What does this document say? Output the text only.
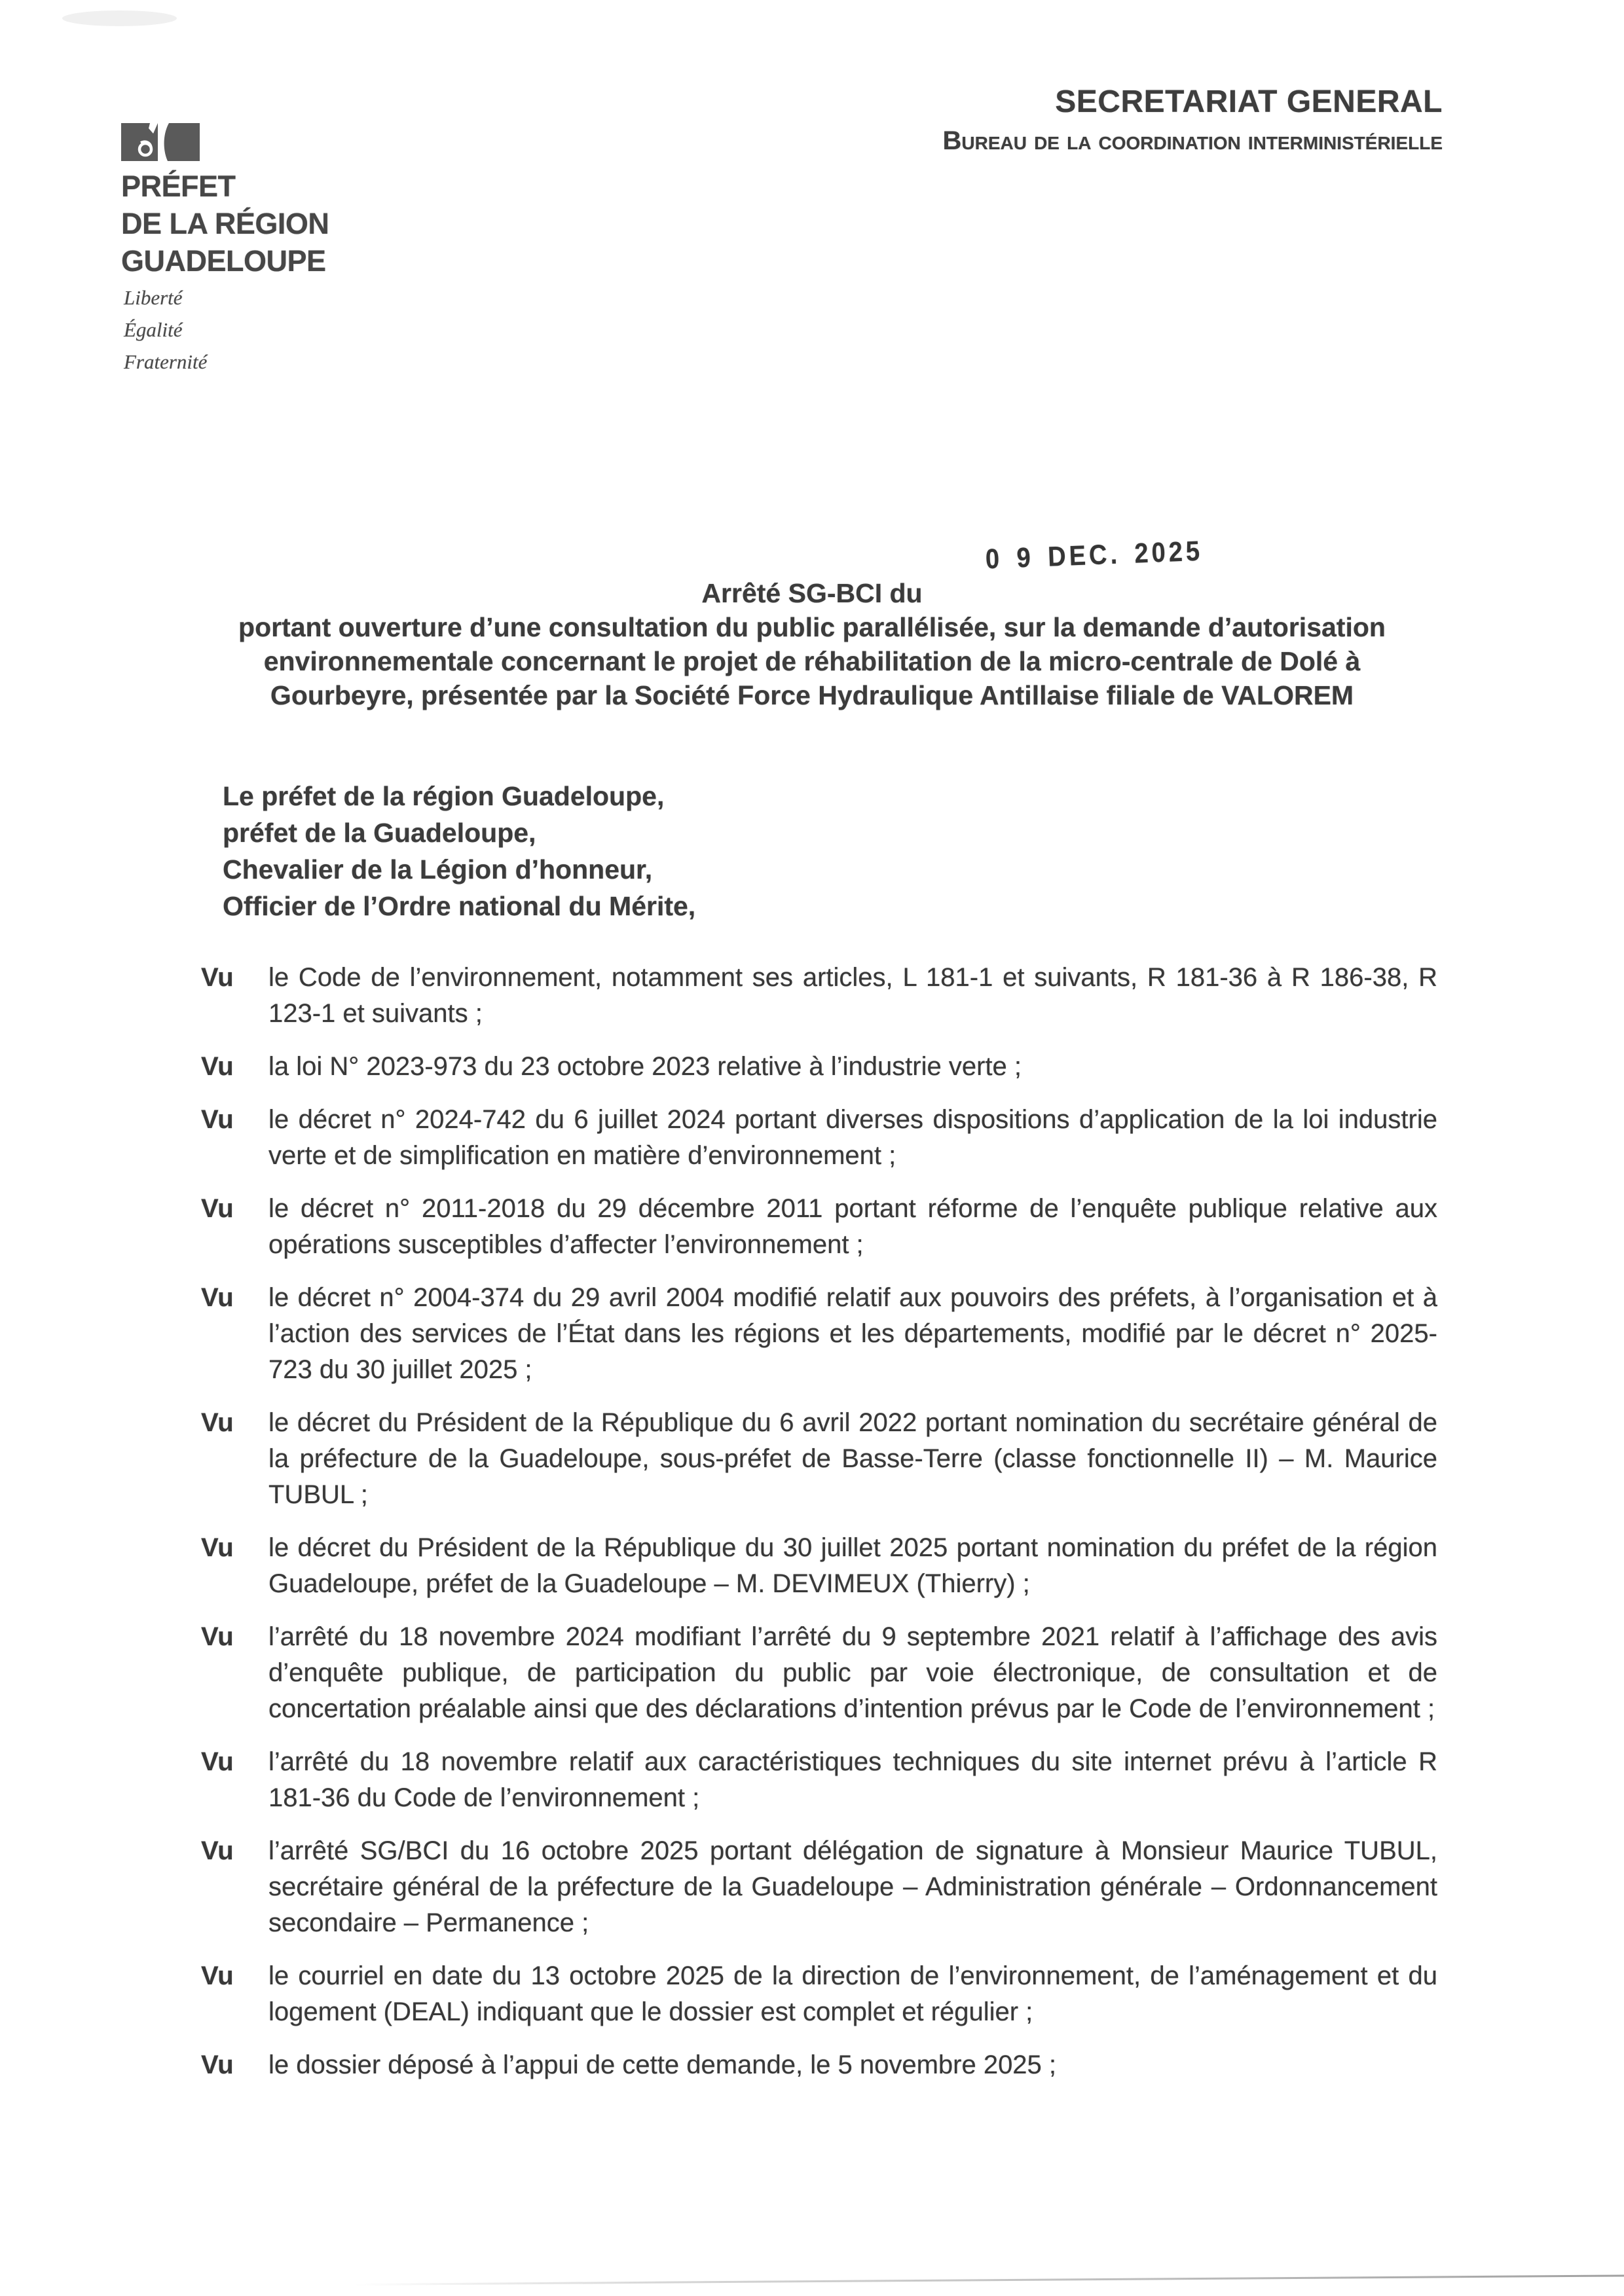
PRÉFET
DE LA RÉGION
GUADELOUPE
Liberté
Égalité
Fraternité
SECRETARIAT GENERAL
Bureau de la coordination interministérielle
0 9 DEC. 2025
Arrêté SG-BCI du
portant ouverture d’une consultation du public parallélisée, sur la demande d’autorisation
environnementale concernant le projet de réhabilitation de la micro-centrale de Dolé à
Gourbeyre, présentée par la Société Force Hydraulique Antillaise filiale de VALOREM
Le préfet de la région Guadeloupe,
préfet de la Guadeloupe,
Chevalier de la Légion d’honneur,
Officier de l’Ordre national du Mérite,
Vu	le Code de l’environnement, notamment ses articles, L 181-1 et suivants, R 181-36 à R 186-38, R 123-1 et suivants ;
Vu	la loi N° 2023-973 du 23 octobre 2023 relative à l’industrie verte ;
Vu	le décret n° 2024-742 du 6 juillet 2024 portant diverses dispositions d’application de la loi industrie verte et de simplification en matière d’environnement ;
Vu	le décret n° 2011-2018 du 29 décembre 2011 portant réforme de l’enquête publique relative aux opérations susceptibles d’affecter l’environnement ;
Vu	le décret n° 2004-374 du 29 avril 2004 modifié relatif aux pouvoirs des préfets, à l’organisation et à l’action des services de l’État dans les régions et les départements, modifié par le décret n° 2025-723 du 30 juillet 2025 ;
Vu	le décret du Président de la République du 6 avril 2022 portant nomination du secrétaire général de la préfecture de la Guadeloupe, sous-préfet de Basse-Terre (classe fonctionnelle II) – M. Maurice TUBUL ;
Vu	le décret du Président de la République du 30 juillet 2025 portant nomination du préfet de la région Guadeloupe, préfet de la Guadeloupe – M. DEVIMEUX (Thierry) ;
Vu	l’arrêté du 18 novembre 2024 modifiant l’arrêté du 9 septembre 2021 relatif à l’affichage des avis d’enquête publique, de participation du public par voie électronique, de consultation et de concertation préalable ainsi que des déclarations d’intention prévus par le Code de l’environnement ;
Vu	l’arrêté du 18 novembre relatif aux caractéristiques techniques du site internet prévu à l’article R 181-36 du Code de l’environnement ;
Vu	l’arrêté SG/BCI du 16 octobre 2025 portant délégation de signature à Monsieur Maurice TUBUL, secrétaire général de la préfecture de la Guadeloupe – Administration générale – Ordonnancement secondaire – Permanence ;
Vu	le courriel en date du 13 octobre 2025 de la direction de l’environnement, de l’aménagement et du logement (DEAL) indiquant que le dossier est complet et régulier ;
Vu	le dossier déposé à l’appui de cette demande, le 5 novembre 2025 ;
